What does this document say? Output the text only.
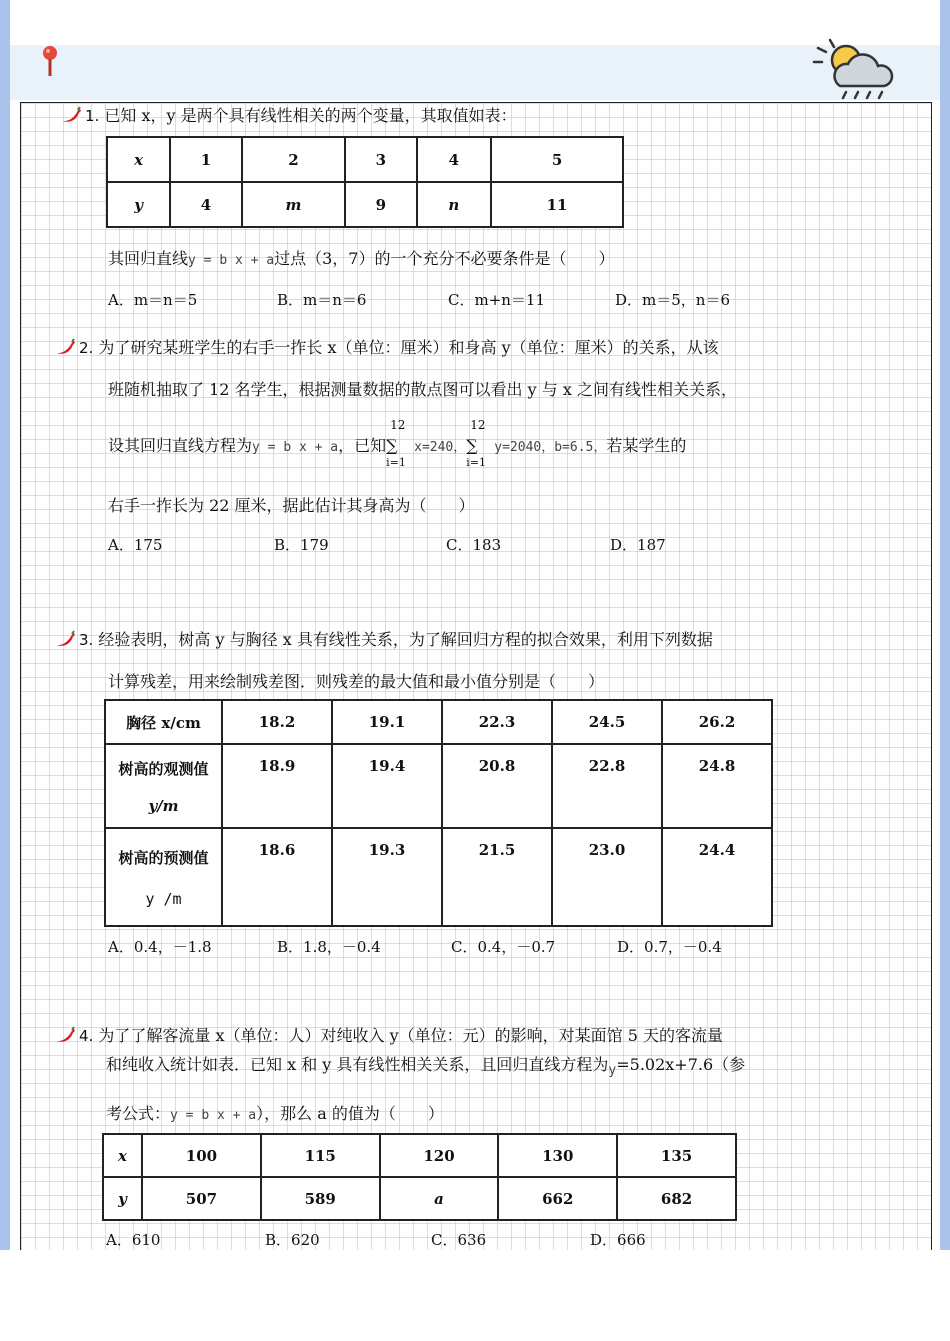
1. 已知 x，y 是两个具有线性相关的两个变量，其取值如表：
x	1	2	3	4	5
y	4	m	9	n	11
其回归直线y = b x + a过点（3，7）的一个充分不必要条件是（　　）
A．m＝n＝5	B．m＝n＝6	C．m+n＝11	D．m＝5，n＝6
2. 为了研究某班学生的右手一拃长 x（单位：厘米）和身高 y（单位：厘米）的关系，从该
班随机抽取了 12 名学生，根据测量数据的散点图可以看出 y 与 x 之间有线性相关关系，
设其回归直线方程为y = b x + a，已知
12
∑
i=1
x=240，
12
∑
i=1
y=2040，b=6.5，若某学生的
右手一拃长为 22 厘米，据此估计其身高为（　　）
A．175	B．179	C．183	D．187
3. 经验表明，树高 y 与胸径 x 具有线性关系，为了解回归方程的拟合效果，利用下列数据
计算残差，用来绘制残差图．则残差的最大值和最小值分别是（　　）
胸径 x/cm	18.2	19.1	22.3	24.5	26.2

树高的观测值
y/m	18.9	19.4	20.8	22.8	24.8

树高的预测值
y /m	18.6	19.3	21.5	23.0	24.4
A．0.4，－1.8	B．1.8，－0.4	C．0.4，－0.7	D．0.7，－0.4
4. 为了了解客流量 x（单位：人）对纯收入 y（单位：元）的影响，对某面馆 5 天的客流量
和纯收入统计如表．已知 x 和 y 具有线性相关关系，且回归直线方程为$_y$=5.02x+7.6（参
考公式：y = b x + a），那么 a 的值为（　　）
x	100	115	120	130	135
y	507	589	a	662	682
A．610	B．620	C．636	D．666
